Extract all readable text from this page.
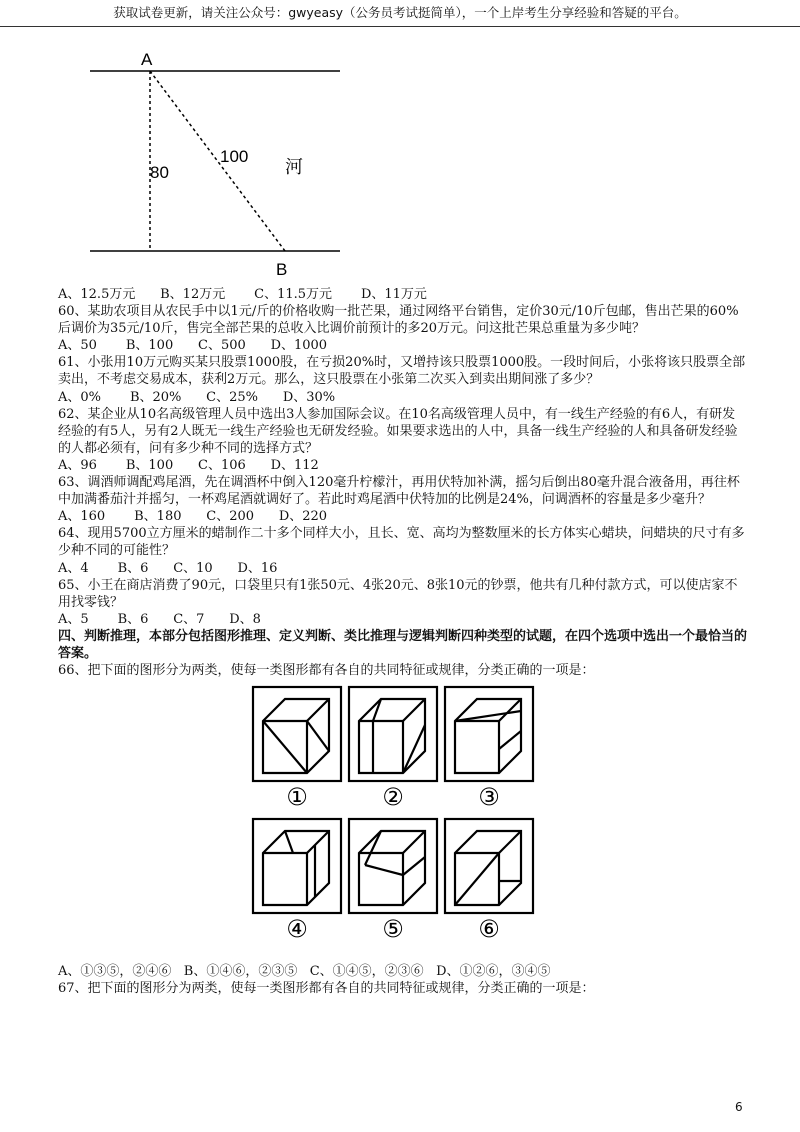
获取试卷更新，请关注公众号：gwyeasy（公务员考试挺简单），一个上岸考生分享经验和答疑的平台。
A
B
80
100
河

A、12.5万元      B、12万元       C、11.5万元       D、11万元

60、某助农项目从农民手中以1元/斤的价格收购一批芒果，通过网络平台销售，定价30元/10斤包邮，售出芒果的60%后调价为35元/10斤，售完全部芒果的总收入比调价前预计的多20万元。问这批芒果总重量为多少吨？

A、50       B、100      C、500      D、1000

61、小张用10万元购买某只股票1000股，在亏损20%时，又增持该只股票1000股。一段时间后，小张将该只股票全部卖出，不考虑交易成本，获利2万元。那么，这只股票在小张第二次买入到卖出期间涨了多少？

A、0%       B、20%      C、25%      D、30%

62、某企业从10名高级管理人员中选出3人参加国际会议。在10名高级管理人员中，有一线生产经验的有6人，有研发经验的有5人，另有2人既无一线生产经验也无研发经验。如果要求选出的人中，具备一线生产经验的人和具备研发经验的人都必须有，问有多少种不同的选择方式？

A、96       B、100      C、106      D、112

63、调酒师调配鸡尾酒，先在调酒杯中倒入120毫升柠檬汁，再用伏特加补满，摇匀后倒出80毫升混合液备用，再往杯中加满番茄汁并摇匀，一杯鸡尾酒就调好了。若此时鸡尾酒中伏特加的比例是24%，问调酒杯的容量是多少毫升？

A、160       B、180      C、200      D、220

64、现用5700立方厘米的蜡制作二十多个同样大小，且长、宽、高均为整数厘米的长方体实心蜡块，问蜡块的尺寸有多少种不同的可能性？

A、4       B、6      C、10      D、16

65、小王在商店消费了90元，口袋里只有1张50元、4张20元、8张10元的钞票，他共有几种付款方式，可以使店家不用找零钱？

A、5       B、6      C、7      D、8

四、判断推理，本部分包括图形推理、定义判断、类比推理与逻辑判断四种类型的试题，在四个选项中选出一个最恰当的答案。

66、把下面的图形分为两类，使每一类图形都有各自的共同特征或规律，分类正确的一项是：

①	②	③
④	⑤	⑥

A、①③⑤，②④⑥   B、①④⑥，②③⑤   C、①④⑤，②③⑥   D、①②⑥，③④⑤

67、把下面的图形分为两类，使每一类图形都有各自的共同特征或规律，分类正确的一项是：

6
